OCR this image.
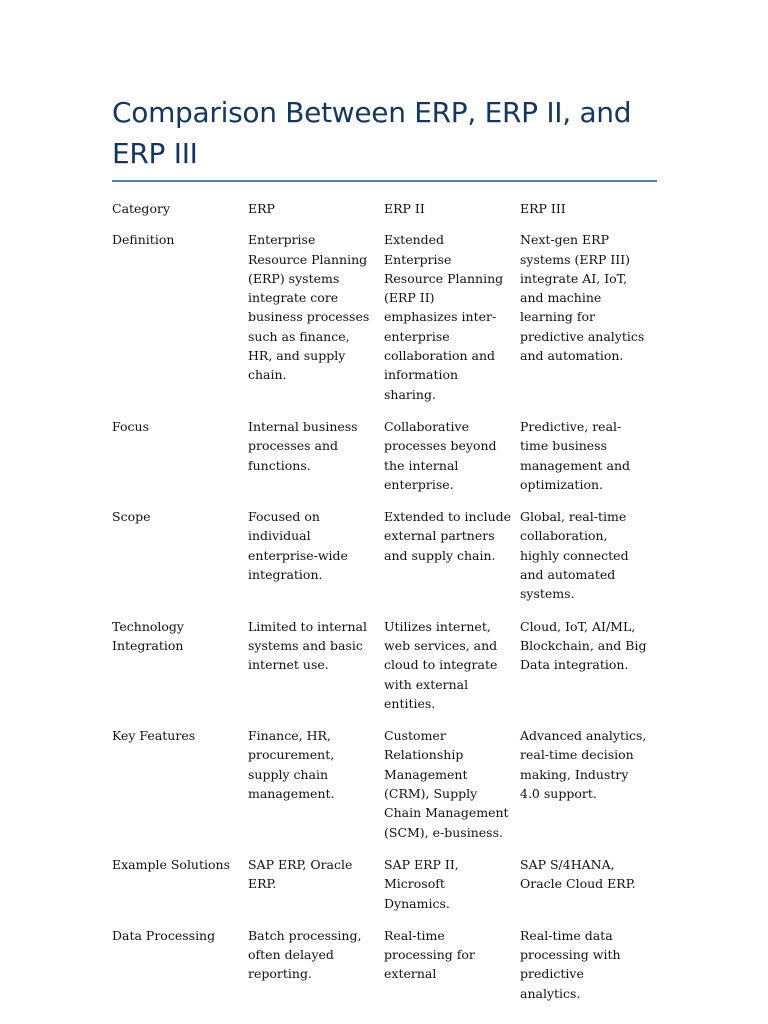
Comparison Between ERP, ERP II, and ERP III
Category	ERP	ERP II	ERP III
Definition	Enterprise Resource Planning (ERP) systems integrate core business processes such as finance, HR, and supply chain.	Extended Enterprise Resource Planning (ERP II) emphasizes inter-enterprise collaboration and information sharing.	Next-gen ERP systems (ERP III) integrate AI, IoT, and machine learning for predictive analytics and automation.
Focus	Internal business processes and functions.	Collaborative processes beyond the internal enterprise.	Predictive, real-time business management and optimization.
Scope	Focused on individual enterprise-wide integration.	Extended to include external partners and supply chain.	Global, real-time collaboration, highly connected and automated systems.
Technology Integration	Limited to internal systems and basic internet use.	Utilizes internet, web services, and cloud to integrate with external entities.	Cloud, IoT, AI/ML, Blockchain, and Big Data integration.
Key Features	Finance, HR, procurement, supply chain management.	Customer Relationship Management (CRM), Supply Chain Management (SCM), e-business.	Advanced analytics, real-time decision making, Industry 4.0 support.
Example Solutions	SAP ERP, Oracle ERP.	SAP ERP II, Microsoft Dynamics.	SAP S/4HANA, Oracle Cloud ERP.
Data Processing	Batch processing, often delayed reporting.	Real-time processing for external	Real-time data processing with predictive analytics.
